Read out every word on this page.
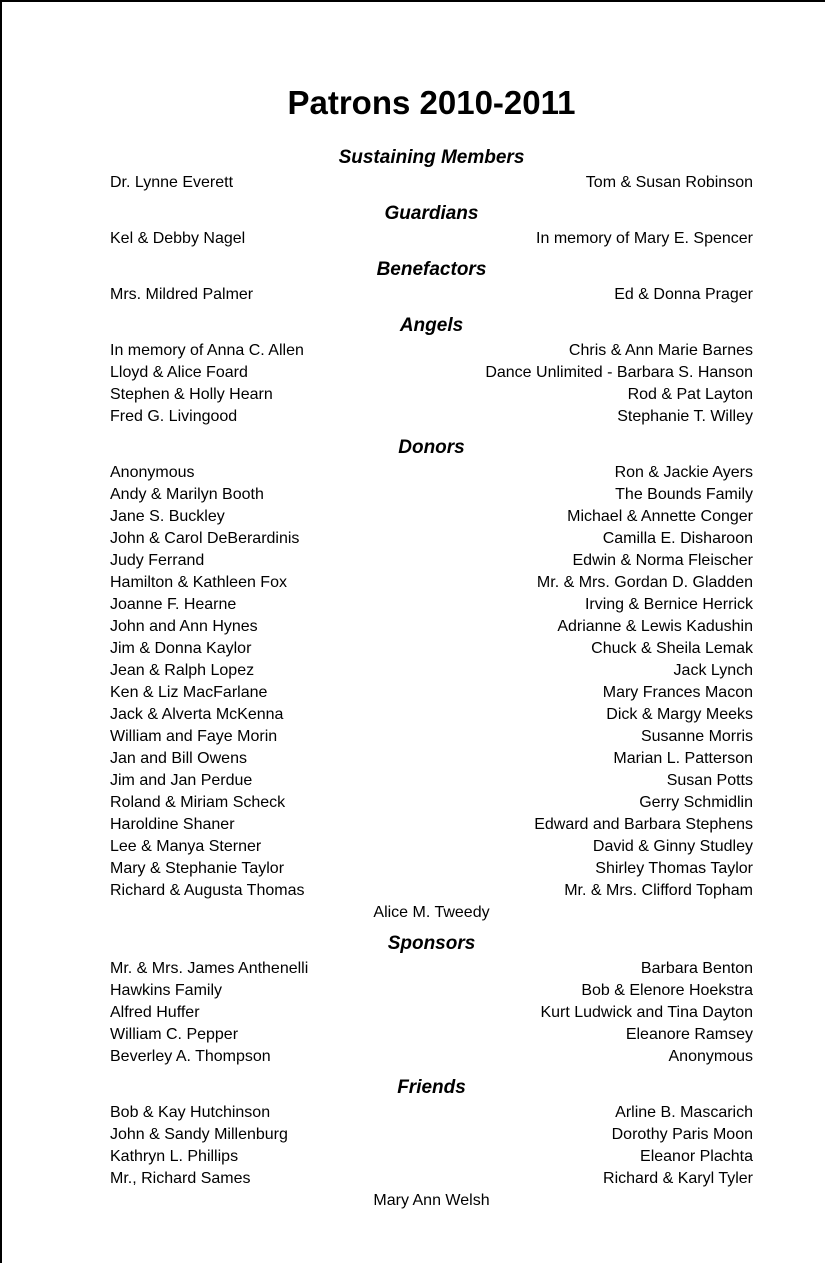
Patrons 2010-2011
Sustaining Members
Dr. Lynne Everett	Tom & Susan Robinson
Guardians
Kel & Debby Nagel	In memory of Mary E. Spencer
Benefactors
Mrs. Mildred Palmer	Ed & Donna Prager
Angels
In memory of Anna C. Allen	Chris & Ann Marie Barnes
Lloyd & Alice Foard	Dance Unlimited - Barbara S. Hanson
Stephen & Holly Hearn	Rod & Pat Layton
Fred G. Livingood	Stephanie T. Willey
Donors
Anonymous	Ron & Jackie Ayers
Andy & Marilyn Booth	The Bounds Family
Jane S. Buckley	Michael & Annette Conger
John & Carol DeBerardinis	Camilla E. Disharoon
Judy Ferrand	Edwin & Norma Fleischer
Hamilton & Kathleen Fox	Mr. & Mrs. Gordan D. Gladden
Joanne F. Hearne	Irving & Bernice Herrick
John and Ann Hynes	Adrianne & Lewis Kadushin
Jim & Donna Kaylor	Chuck & Sheila Lemak
Jean & Ralph Lopez	Jack Lynch
Ken & Liz MacFarlane	Mary Frances Macon
Jack & Alverta McKenna	Dick & Margy Meeks
William and Faye Morin	Susanne Morris
Jan and Bill Owens	Marian L. Patterson
Jim and Jan Perdue	Susan Potts
Roland & Miriam Scheck	Gerry Schmidlin
Haroldine Shaner	Edward and Barbara Stephens
Lee & Manya Sterner	David & Ginny Studley
Mary & Stephanie Taylor	Shirley Thomas Taylor
Richard & Augusta Thomas	Mr. & Mrs. Clifford Topham
Alice M. Tweedy
Sponsors
Mr. & Mrs. James Anthenelli	Barbara Benton
Hawkins Family	Bob & Elenore Hoekstra
Alfred Huffer	Kurt Ludwick and Tina Dayton
William C. Pepper	Eleanore Ramsey
Beverley A. Thompson	Anonymous
Friends
Bob & Kay Hutchinson	Arline B. Mascarich
John & Sandy Millenburg	Dorothy Paris Moon
Kathryn L. Phillips	Eleanor Plachta
Mr., Richard Sames	Richard & Karyl Tyler
Mary Ann Welsh
